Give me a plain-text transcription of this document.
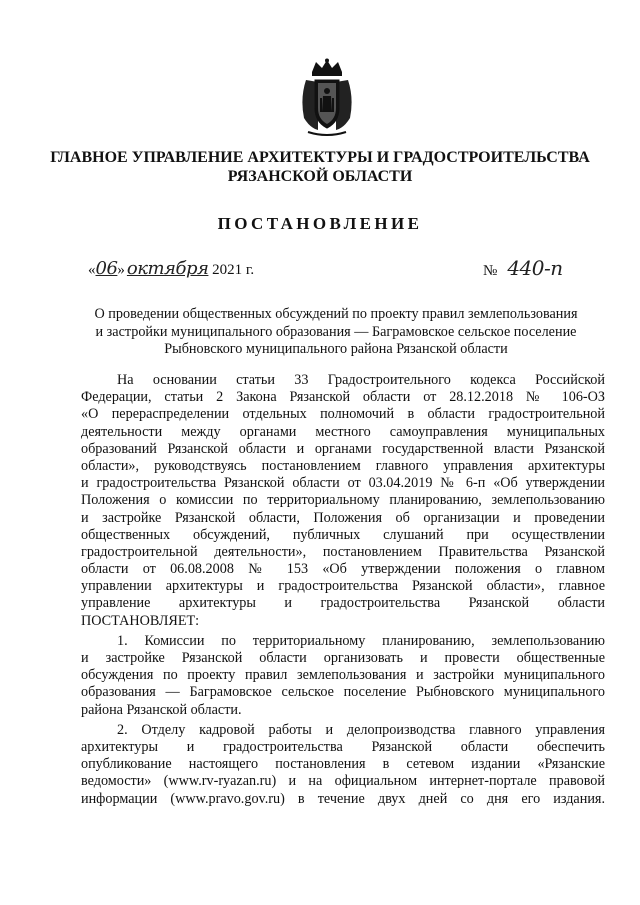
ГЛАВНОЕ УПРАВЛЕНИЕ АРХИТЕКТУРЫ И ГРАДОСТРОИТЕЛЬСТВА
РЯЗАНСКОЙ ОБЛАСТИ
ПОСТАНОВЛЕНИЕ
«06» октября 2021 г.	№ 440-п
О проведении общественных обсуждений по проекту правил землепользования
и застройки муниципального образования — Баграмовское сельское поселение
Рыбновского муниципального района Рязанской области
На основании статьи 33 Градостроительного кодекса Российской
Федерации, статьи 2 Закона Рязанской области от 28.12.2018 № 106-ОЗ
«О перераспределении отдельных полномочий в области градостроительной
деятельности между органами местного самоуправления муниципальных
образований Рязанской области и органами государственной власти Рязанской
области», руководствуясь постановлением главного управления архитектуры
и градостроительства Рязанской области от 03.04.2019 № 6-п «Об утверждении
Положения о комиссии по территориальному планированию, землепользованию
и застройке Рязанской области, Положения об организации и проведении
общественных обсуждений, публичных слушаний при осуществлении
градостроительной деятельности», постановлением Правительства Рязанской
области от 06.08.2008 № 153 «Об утверждении положения о главном
управлении архитектуры и градостроительства Рязанской области», главное
управление архитектуры и градостроительства Рязанской области
ПОСТАНОВЛЯЕТ:
1. Комиссии по территориальному планированию, землепользованию
и застройке Рязанской области организовать и провести общественные
обсуждения по проекту правил землепользования и застройки муниципального
образования — Баграмовское сельское поселение Рыбновского муниципального
района Рязанской области.
2. Отделу кадровой работы и делопроизводства главного управления
архитектуры и градостроительства Рязанской области обеспечить
опубликование настоящего постановления в сетевом издании «Рязанские
ведомости» (www.rv-ryazan.ru) и на официальном интернет-портале правовой
информации (www.pravo.gov.ru) в течение двух дней со дня его издания.
